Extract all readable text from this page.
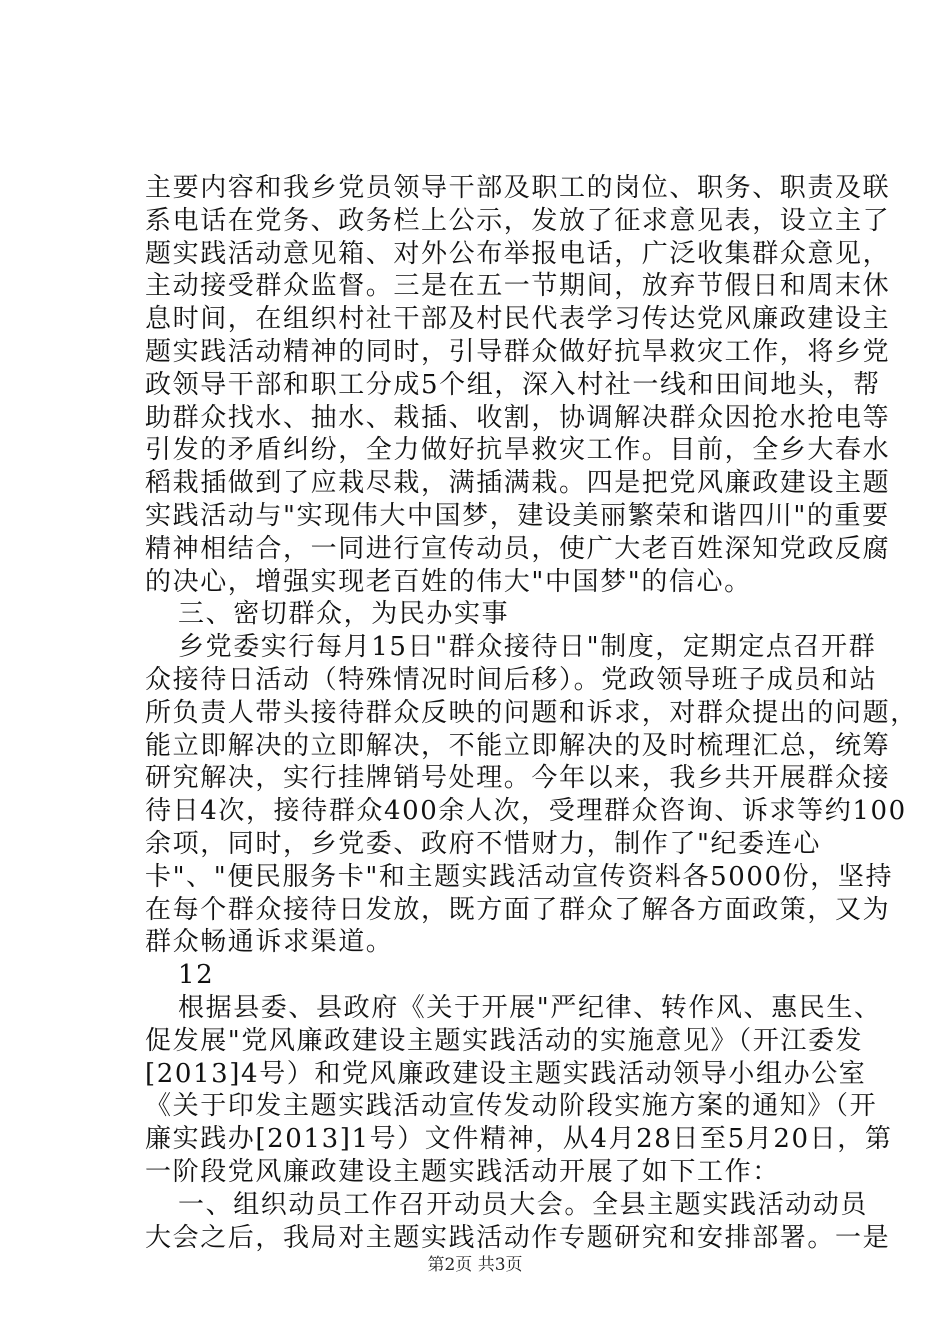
主要内容和我乡党员领导干部及职工的岗位、职务、职责及联
系电话在党务、政务栏上公示，发放了征求意见表，设立主了
题实践活动意见箱、对外公布举报电话，广泛收集群众意见，
主动接受群众监督。三是在五一节期间，放弃节假日和周末休
息时间，在组织村社干部及村民代表学习传达党风廉政建设主
题实践活动精神的同时，引导群众做好抗旱救灾工作，将乡党
政领导干部和职工分成5个组，深入村社一线和田间地头，帮
助群众找水、抽水、栽插、收割，协调解决群众因抢水抢电等
引发的矛盾纠纷，全力做好抗旱救灾工作。目前，全乡大春水
稻栽插做到了应栽尽栽，满插满栽。四是把党风廉政建设主题
实践活动与"实现伟大中国梦，建设美丽繁荣和谐四川"的重要
精神相结合，一同进行宣传动员，使广大老百姓深知党政反腐
的决心，增强实现老百姓的伟大"中国梦"的信心。
三、密切群众，为民办实事
乡党委实行每月15日"群众接待日"制度，定期定点召开群
众接待日活动（特殊情况时间后移）。党政领导班子成员和站
所负责人带头接待群众反映的问题和诉求，对群众提出的问题，
能立即解决的立即解决，不能立即解决的及时梳理汇总，统筹
研究解决，实行挂牌销号处理。今年以来，我乡共开展群众接
待日4次，接待群众400余人次，受理群众咨询、诉求等约100
余项，同时，乡党委、政府不惜财力，制作了"纪委连心
卡"、"便民服务卡"和主题实践活动宣传资料各5000份，坚持
在每个群众接待日发放，既方面了群众了解各方面政策，又为
群众畅通诉求渠道。
12
根据县委、县政府《关于开展"严纪律、转作风、惠民生、
促发展"党风廉政建设主题实践活动的实施意见》（开江委发
[2013]4号）和党风廉政建设主题实践活动领导小组办公室
《关于印发主题实践活动宣传发动阶段实施方案的通知》（开
廉实践办[2013]1号）文件精神，从4月28日至5月20日，第
一阶段党风廉政建设主题实践活动开展了如下工作：
一、组织动员工作召开动员大会。全县主题实践活动动员
大会之后，我局对主题实践活动作专题研究和安排部署。一是
第2页 共3页
